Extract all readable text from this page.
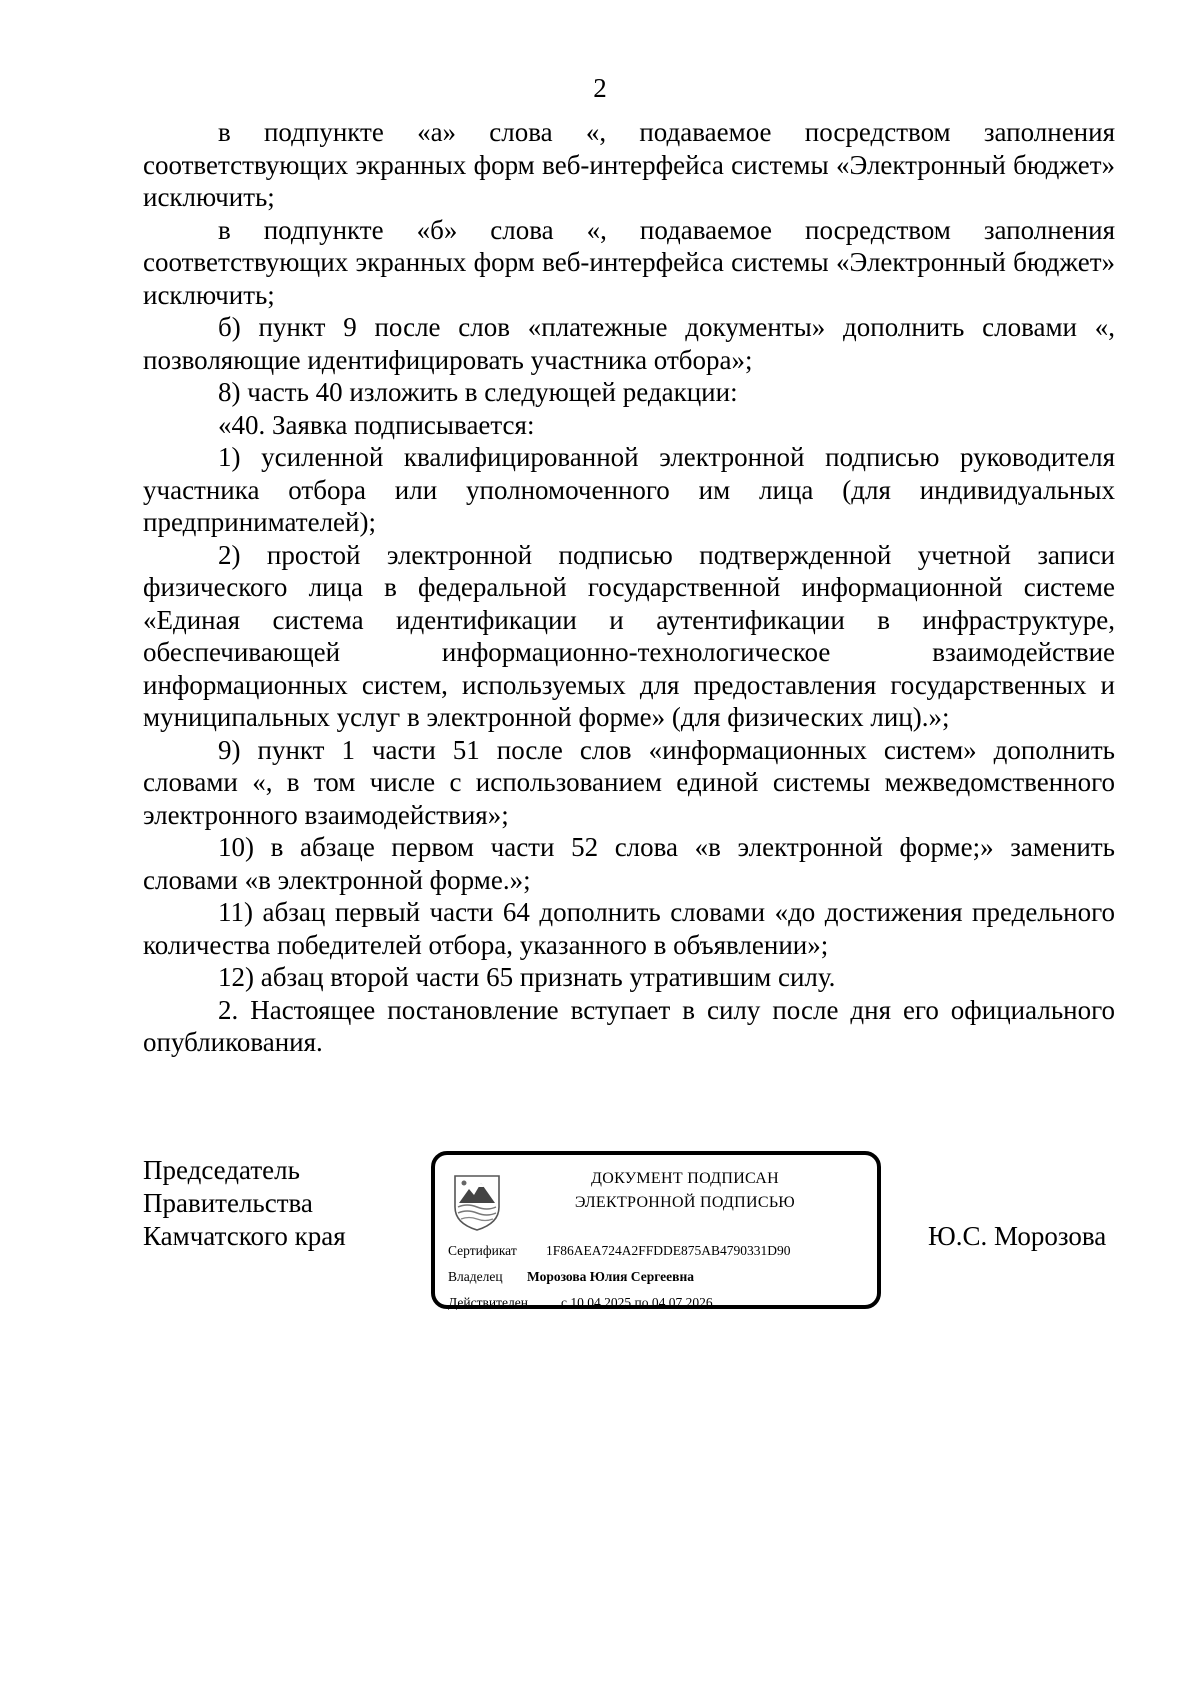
2

в подпункте «а» слова «, подаваемое посредством заполнения соответствующих экранных форм веб-интерфейса системы «Электронный бюджет» исключить;

в подпункте «б» слова «, подаваемое посредством заполнения соответствующих экранных форм веб-интерфейса системы «Электронный бюджет» исключить;

б) пункт 9 после слов «платежные документы» дополнить словами «, позволяющие идентифицировать участника отбора»;

8) часть 40 изложить в следующей редакции:

«40. Заявка подписывается:

1) усиленной квалифицированной электронной подписью руководителя участника отбора или уполномоченного им лица (для индивидуальных предпринимателей);

2) простой электронной подписью подтвержденной учетной записи физического лица в федеральной государственной информационной системе «Единая система идентификации и аутентификации в инфраструктуре, обеспечивающей информационно-технологическое взаимодействие информационных систем, используемых для предоставления государственных и муниципальных услуг в электронной форме» (для физических лиц).»;

9) пункт 1 части 51 после слов «информационных систем» дополнить словами «, в том числе с использованием единой системы межведомственного электронного взаимодействия»;

10) в абзаце первом части 52 слова «в электронной форме;» заменить словами «в электронной форме.»;

11) абзац первый части 64 дополнить словами «до достижения предельного количества победителей отбора, указанного в объявлении»;

12) абзац второй части 65 признать утратившим силу.

2. Настоящее постановление вступает в силу после дня его официального опубликования.

Председатель
Правительства
Камчатского края
ДОКУМЕНТ ПОДПИСАН
ЭЛЕКТРОННОЙ ПОДПИСЬЮ
Сертификат 1F86AEA724A2FFDDE875AB4790331D90
Владелец Морозова Юлия Сергеевна
Действителен с 10.04.2025 по 04.07.2026
Ю.С. Морозова
